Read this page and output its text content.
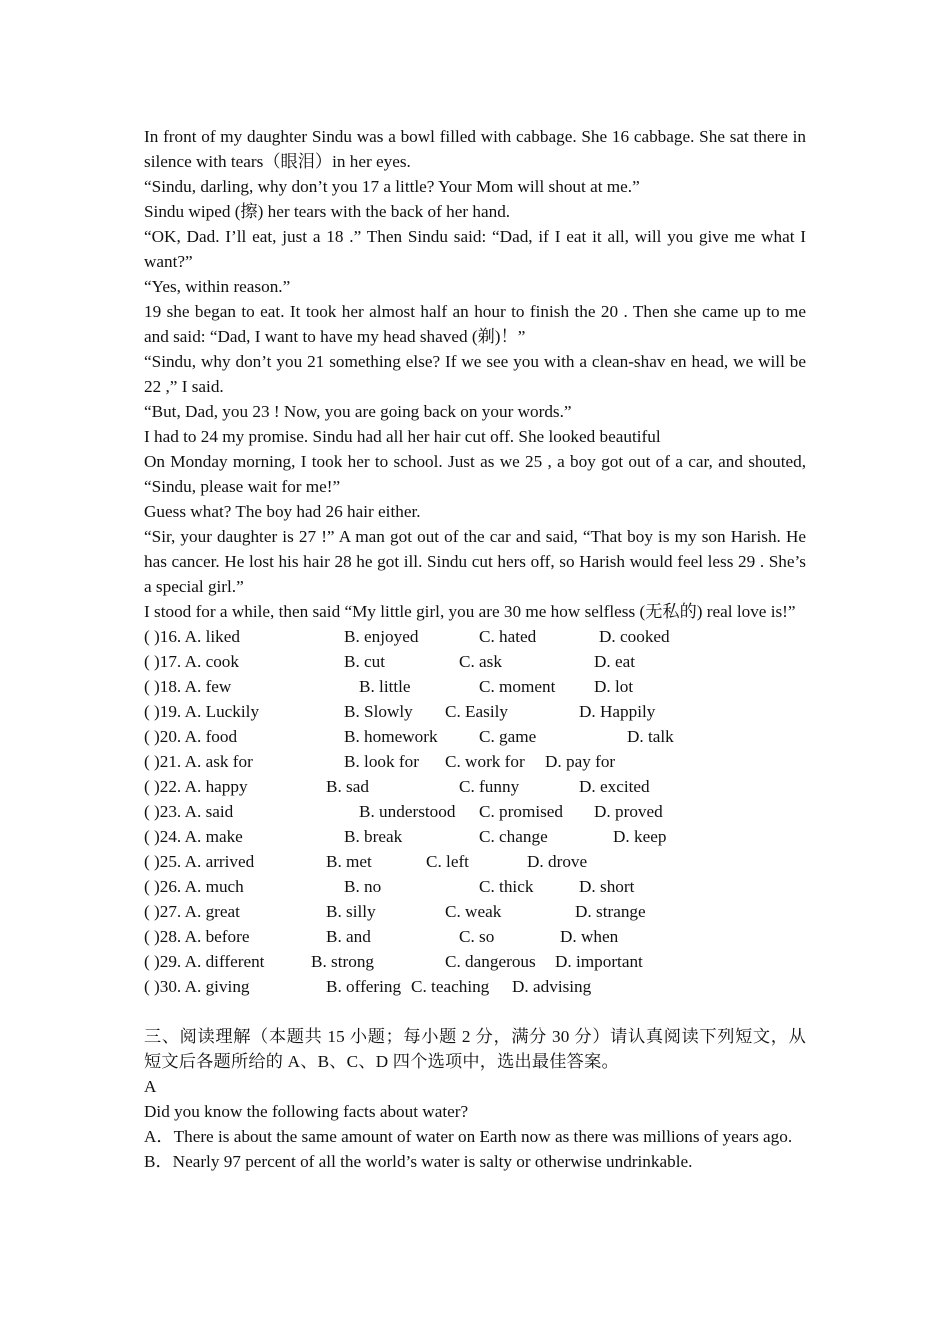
In front of my daughter Sindu was a bowl filled with cabbage. She 16 cabbage. She sat there in silence with tears（眼泪）in her eyes.

“Sindu, darling, why don’t you 17 a little? Your Mom will shout at me.”

Sindu wiped (擦) her tears with the back of her hand.

“OK, Dad. I’ll eat, just a 18 .” Then Sindu said: “Dad, if I eat it all, will you give me what I want?”

“Yes, within reason.”

19 she began to eat. It took her almost half an hour to finish the 20 . Then she came up to me and said: “Dad, I want to have my head shaved (剃)！”

“Sindu, why don’t you 21 something else? If we see you with a clean-shav en head, we will be 22 ,” I said.

“But, Dad, you 23 ! Now, you are going back on your words.”

I had to 24 my promise. Sindu had all her hair cut off. She looked beautiful

On Monday morning, I took her to school. Just as we 25 , a boy got out of a car, and shouted, “Sindu, please wait for me!”

Guess what? The boy had 26 hair either.

“Sir, your daughter is 27 !” A man got out of the car and said, “That boy is my son Harish. He has cancer. He lost his hair 28 he got ill. Sindu cut hers off, so Harish would feel less 29 . She’s a special girl.”

I stood for a while, then said “My little girl, you are 30 me how selfless (无私的) real love is!”

( )16. A. liked	B. enjoyed	C. hated	D. cooked
( )17. A. cook	B. cut	C. ask	D. eat
( )18. A. few	B. little	C. moment D. lot
( )19. A. Luckily	B. Slowly C. Easily	D. Happily
( )20. A. food	B. homework C. game	D. talk
( )21. A. ask for	B. look for C. work for D. pay for
( )22. A. happy	B. sad	C. funny	D. excited
( )23. A. said	B. understood C. promised D. proved
( )24. A. make	B. break	C. change	D. keep
( )25. A. arrived	B. met	C. left	D. drove
( )26. A. much	B. no	C. thick	D. short
( )27. A. great	B. silly	C. weak	D. strange
( )28. A. before	B. and	C. so	D. when
( )29. A. different	B. strong	C. dangerous D. important
( )30. A. giving	B. offering C. teaching D. advising

三、阅读理解（本题共 15 小题；每小题 2 分，满分 30 分）请认真阅读下列短文，从短文后各题所给的 A、B、C、D 四个选项中，选出最佳答案。

A

Did you know the following facts about water?

A．There is about the same amount of water on Earth now as there was millions of years ago.

B．Nearly 97 percent of all the world’s water is salty or otherwise undrinkable.
